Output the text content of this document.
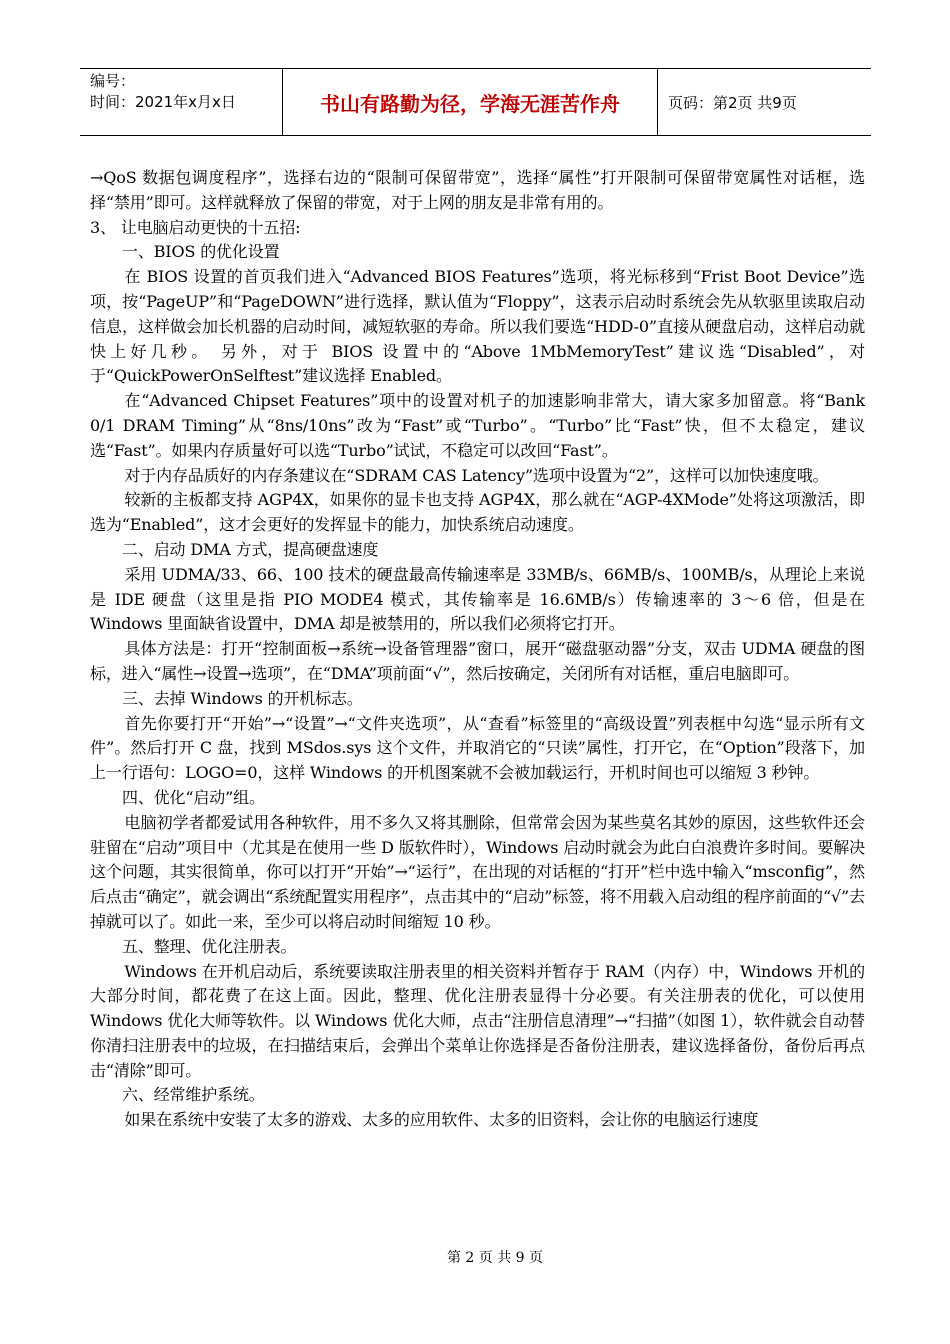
编号：
时间：2021年x月x日	书山有路勤为径，学海无涯苦作舟	页码：第2页 共9页

→QoS 数据包调度程序”，选择右边的“限制可保留带宽”，选择“属性”打开限制可保留带宽属性对话框，选择“禁用”即可。这样就释放了保留的带宽，对于上网的朋友是非常有用的。

3、 让电脑启动更快的十五招:

一、BIOS 的优化设置

在 BIOS 设置的首页我们进入“Advanced BIOS Features”选项，将光标移到“Frist Boot Device”选项，按“PageUP”和“PageDOWN”进行选择，默认值为“Floppy”，这表示启动时系统会先从软驱里读取启动信息，这样做会加长机器的启动时间，减短软驱的寿命。所以我们要选“HDD-0”直接从硬盘启动，这样启动就快上好几秒。 另外，对于 BIOS 设置中的“Above 1MbMemoryTest”建议选“Disabled”，对于“QuickPowerOnSelftest”建议选择 Enabled。

在“Advanced Chipset Features”项中的设置对机子的加速影响非常大，请大家多加留意。将“Bank 0/1 DRAM Timing”从“8ns/10ns”改为“Fast”或“Turbo”。“Turbo”比“Fast”快，但不太稳定，建议选“Fast”。如果内存质量好可以选“Turbo”试试，不稳定可以改回“Fast”。

对于内存品质好的内存条建议在“SDRAM CAS Latency”选项中设置为“2”，这样可以加快速度哦。

较新的主板都支持 AGP4X，如果你的显卡也支持 AGP4X，那么就在“AGP-4XMode”处将这项激活，即选为“Enabled”，这才会更好的发挥显卡的能力，加快系统启动速度。

二、启动 DMA 方式，提高硬盘速度

采用 UDMA/33、66、100 技术的硬盘最高传输速率是 33MB/s、66MB/s、100MB/s，从理论上来说是 IDE 硬盘（这里是指 PIO MODE4 模式，其传输率是 16.6MB/s）传输速率的 3～6 倍，但是在 Windows 里面缺省设置中，DMA 却是被禁用的，所以我们必须将它打开。

具体方法是：打开“控制面板→系统→设备管理器”窗口，展开“磁盘驱动器”分支，双击 UDMA 硬盘的图标，进入“属性→设置→选项”，在“DMA”项前面“√”，然后按确定，关闭所有对话框，重启电脑即可。

三、去掉 Windows 的开机标志。

首先你要打开“开始”→“设置”→“文件夹选项”，从“查看”标签里的“高级设置”列表框中勾选“显示所有文件”。然后打开 C 盘，找到 MSdos.sys 这个文件，并取消它的“只读”属性，打开它，在“Option”段落下，加上一行语句：LOGO=0，这样 Windows 的开机图案就不会被加载运行，开机时间也可以缩短 3 秒钟。

四、优化“启动”组。

电脑初学者都爱试用各种软件，用不多久又将其删除，但常常会因为某些莫名其妙的原因，这些软件还会驻留在“启动”项目中（尤其是在使用一些 D 版软件时），Windows 启动时就会为此白白浪费许多时间。要解决这个问题，其实很简单，你可以打开“开始”→“运行”，在出现的对话框的“打开”栏中选中输入“msconfig”，然后点击“确定”，就会调出“系统配置实用程序”，点击其中的“启动”标签，将不用载入启动组的程序前面的“√”去掉就可以了。如此一来，至少可以将启动时间缩短 10 秒。

五、整理、优化注册表。

Windows 在开机启动后，系统要读取注册表里的相关资料并暂存于 RAM（内存）中，Windows 开机的大部分时间，都花费了在这上面。因此，整理、优化注册表显得十分必要。有关注册表的优化，可以使用 Windows 优化大师等软件。以 Windows 优化大师，点击“注册信息清理”→“扫描”（如图 1），软件就会自动替你清扫注册表中的垃圾，在扫描结束后，会弹出个菜单让你选择是否备份注册表，建议选择备份，备份后再点击“清除”即可。

六、经常维护系统。

如果在系统中安装了太多的游戏、太多的应用软件、太多的旧资料，会让你的电脑运行速度

第 2 页 共 9 页
